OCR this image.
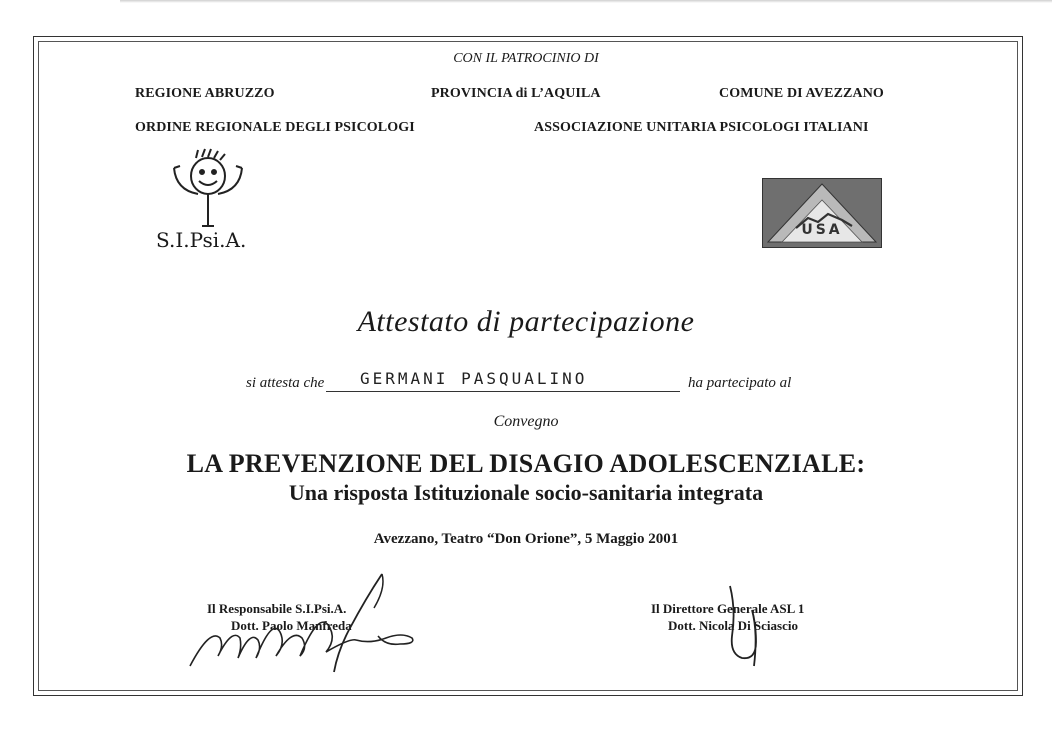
CON IL PATROCINIO DI
REGIONE ABRUZZO	PROVINCIA di L’AQUILA	COMUNE DI AVEZZANO
ORDINE REGIONALE DEGLI PSICOLOGI	ASSOCIAZIONE UNITARIA PSICOLOGI ITALIANI
S.I.Psi.A.	USA
Attestato di partecipazione
si attesta che GERMANI PASQUALINO	ha partecipato al
Convegno
LA PREVENZIONE DEL DISAGIO ADOLESCENZIALE:
Una risposta Istituzionale socio-sanitaria integrata
Avezzano, Teatro “Don Orione”, 5 Maggio 2001
Il Responsabile S.I.Psi.A.
Dott. Paolo Manfreda
Il Direttore Generale ASL 1
Dott. Nicola Di Sciascio
